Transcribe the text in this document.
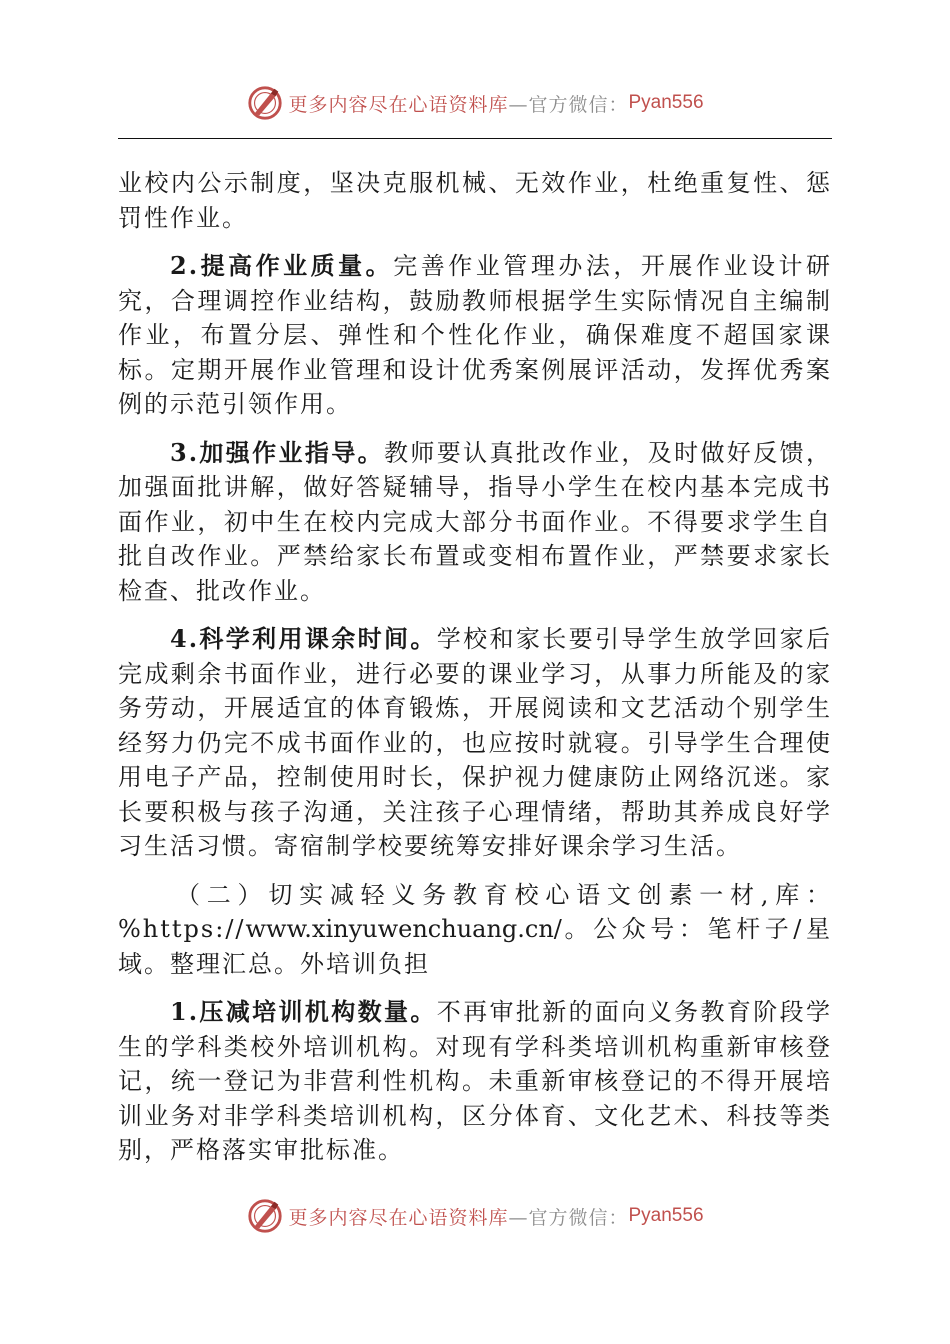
更多内容尽在心语资料库 —官方微信： Pyan556

业校内公示制度，坚决克服机械、无效作业，杜绝重复性、惩罚性作业。

2.提高作业质量。完善作业管理办法，开展作业设计研究，合理调控作业结构，鼓励教师根据学生实际情况自主编制作业，布置分层、弹性和个性化作业，确保难度不超国家课标。定期开展作业管理和设计优秀案例展评活动，发挥优秀案例的示范引领作用。

3.加强作业指导。教师要认真批改作业，及时做好反馈，加强面批讲解，做好答疑辅导，指导小学生在校内基本完成书面作业，初中生在校内完成大部分书面作业。不得要求学生自批自改作业。严禁给家长布置或变相布置作业，严禁要求家长检查、批改作业。

4.科学利用课余时间。学校和家长要引导学生放学回家后完成剩余书面作业，进行必要的课业学习，从事力所能及的家务劳动，开展适宜的体育锻炼，开展阅读和文艺活动个别学生经努力仍完不成书面作业的，也应按时就寝。引导学生合理使用电子产品，控制使用时长，保护视力健康防止网络沉迷。家长要积极与孩子沟通，关注孩子心理情绪，帮助其养成良好学习生活习惯。寄宿制学校要统筹安排好课余学习生活。

（二）切实减轻义务教育校心语文创素一材,库：%https://www.xinyuwenchuang.cn/。公众号：笔杆子/星域。整理汇总。外培训负担

1.压减培训机构数量。不再审批新的面向义务教育阶段学生的学科类校外培训机构。对现有学科类培训机构重新审核登记，统一登记为非营利性机构。未重新审核登记的不得开展培训业务对非学科类培训机构，区分体育、文化艺术、科技等类别，严格落实审批标准。

更多内容尽在心语资料库 —官方微信： Pyan556
